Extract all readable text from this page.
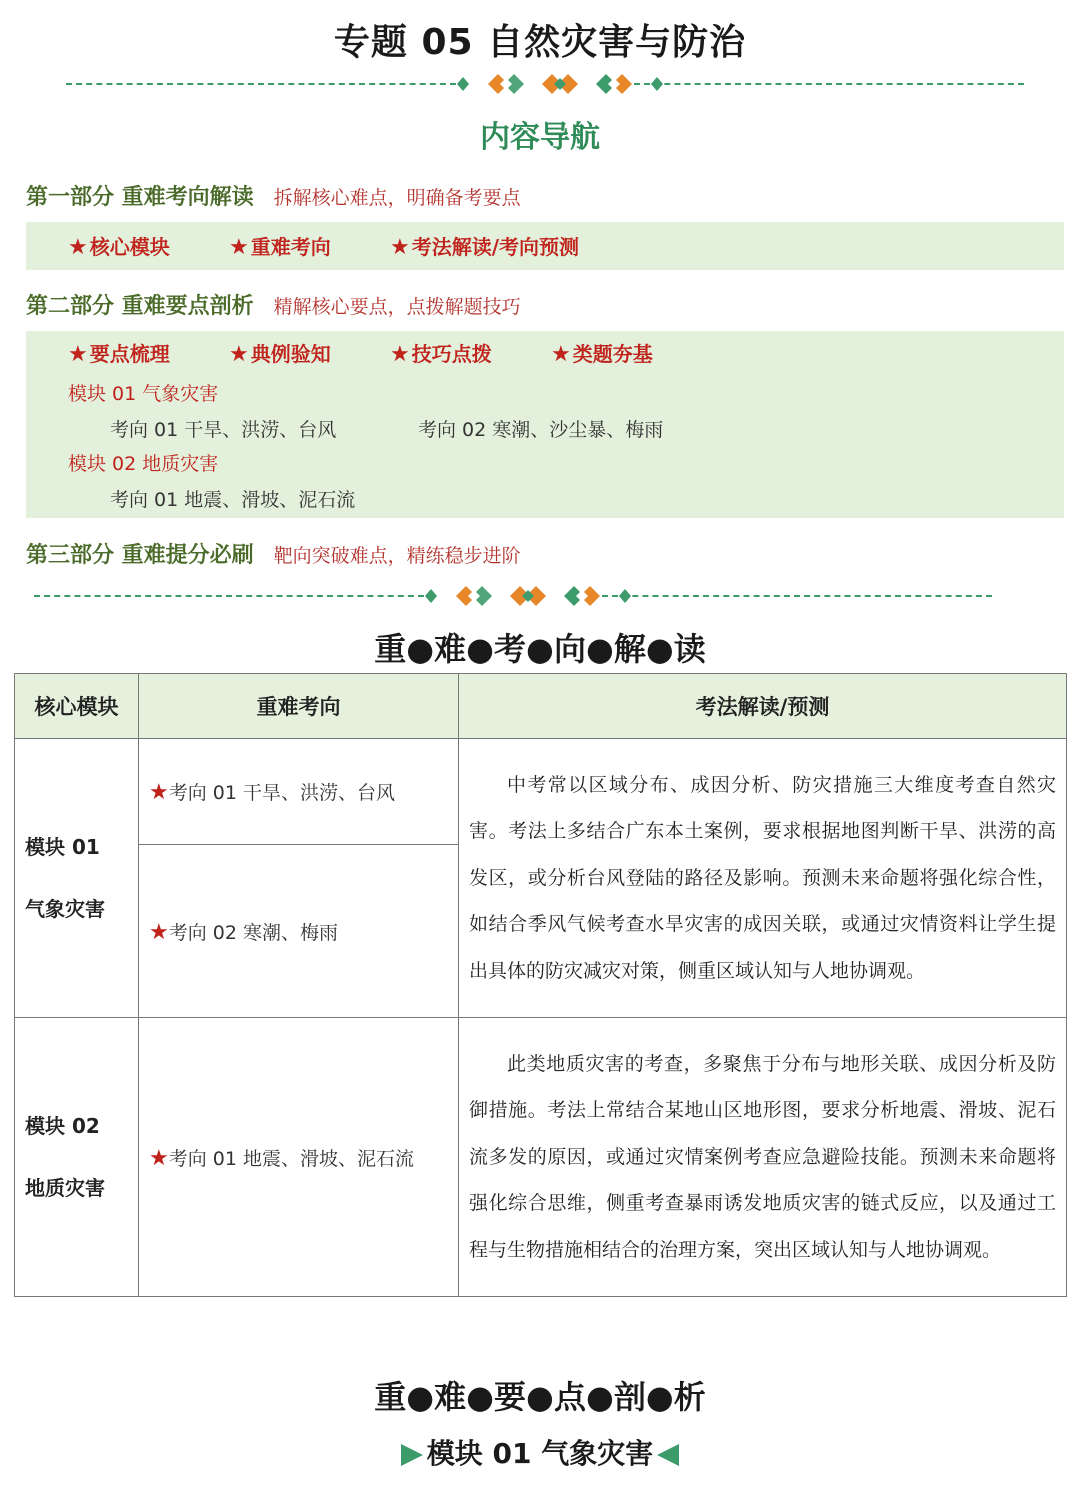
专题 05 自然灾害与防治
内容导航
第一部分 重难考向解读 拆解核心难点，明确备考要点
★ 核心模块	★ 重难考向	★ 考法解读/考向预测
第二部分 重难要点剖析 精解核心要点，点拨解题技巧
★ 要点梳理	★ 典例验知	★ 技巧点拨	★ 类题夯基
模块 01 气象灾害
考向 01 干旱、洪涝、台风	考向 02 寒潮、沙尘暴、梅雨
模块 02 地质灾害
考向 01 地震、滑坡、泥石流
第三部分 重难提分必刷 靶向突破难点，精练稳步进阶
重●难●考●向●解●读
核心模块	重难考向	考法解读/预测

模块 01
气象灾害	★考向 01 干旱、洪涝、台风	中考常以区域分布、成因分析、防灾措施三大维度考查自然灾害。考法上多结合广东本土案例，要求根据地图判断干旱、洪涝的高发区，或分析台风登陆的路径及影响。预测未来命题将强化综合性，如结合季风气候考查水旱灾害的成因关联，或通过灾情资料让学生提出具体的防灾减灾对策，侧重区域认知与人地协调观。
	★考向 02 寒潮、梅雨	

模块 02
地质灾害	★考向 01 地震、滑坡、泥石流	此类地质灾害的考查，多聚焦于分布与地形关联、成因分析及防御措施。考法上常结合某地山区地形图，要求分析地震、滑坡、泥石流多发的原因，或通过灾情案例考查应急避险技能。预测未来命题将强化综合思维，侧重考查暴雨诱发地质灾害的链式反应，以及通过工程与生物措施相结合的治理方案，突出区域认知与人地协调观。
重●难●要●点●剖●析
模块 01 气象灾害
